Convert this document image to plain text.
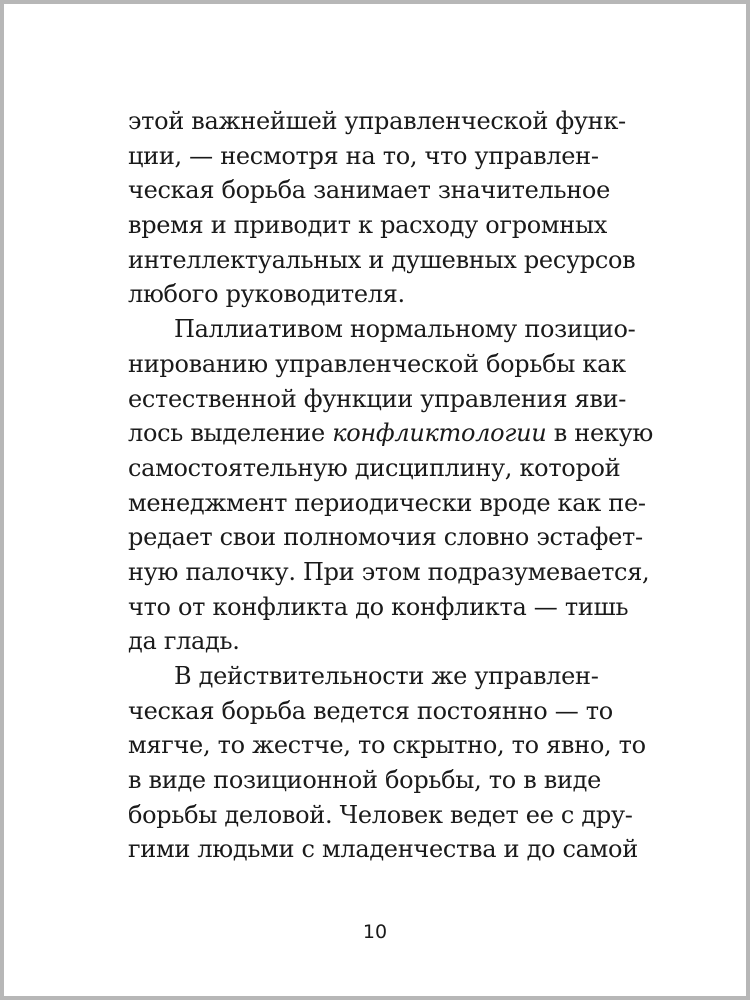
этой важнейшей управленческой функ-
ции, — несмотря на то, что управлен-
ческая борьба занимает значительное
время и приводит к расходу огромных
интеллектуальных и душевных ресурсов
любого руководителя.
Паллиативом нормальному позицио-
нированию управленческой борьбы как
естественной функции управления яви-
лось выделение конфликтологии в некую
самостоятельную дисциплину, которой
менеджмент периодически вроде как пе-
редает свои полномочия словно эстафет-
ную палочку. При этом подразумевается,
что от конфликта до конфликта — тишь
да гладь.
В действительности же управлен-
ческая борьба ведется постоянно — то
мягче, то жестче, то скрытно, то явно, то
в виде позиционной борьбы, то в виде
борьбы деловой. Человек ведет ее с дру-
гими людьми с младенчества и до самой
10
